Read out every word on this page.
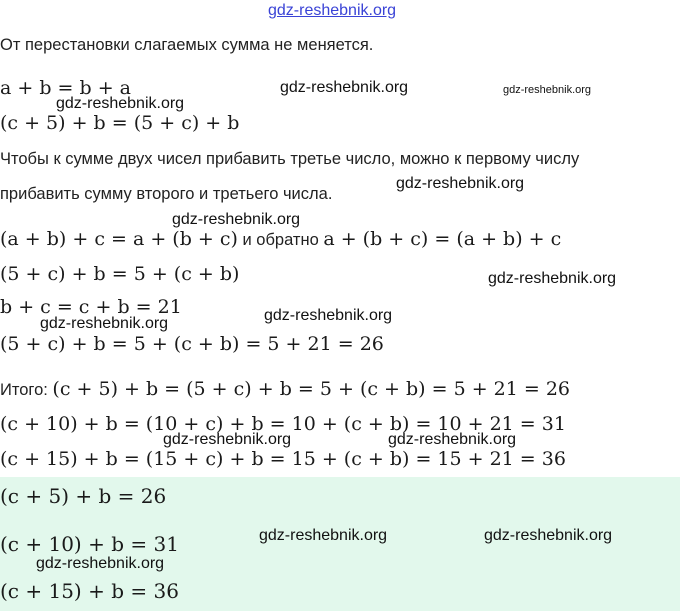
gdz-reshebnik.org
От перестановки слагаемых сумма не меняется.
a + b = b + a	gdz-reshebnik.org	gdz-reshebnik.org
gdz-reshebnik.org
(c + 5) + b = (5 + c) + b
Чтобы к сумме двух чисел прибавить третье число, можно к первому числу
gdz-reshebnik.org
прибавить сумму второго и третьего числа.
gdz-reshebnik.org
(a + b) + c = a + (b + c) и обратно a + (b + c) = (a + b) + c
(5 + c) + b = 5 + (c + b)	gdz-reshebnik.org
b + c = c + b = 21	gdz-reshebnik.org
gdz-reshebnik.org
(5 + c) + b = 5 + (c + b) = 5 + 21 = 26
Итого: (c + 5) + b = (5 + c) + b = 5 + (c + b) = 5 + 21 = 26
(c + 10) + b = (10 + c) + b = 10 + (c + b) = 10 + 21 = 31
gdz-reshebnik.org	gdz-reshebnik.org
(c + 15) + b = (15 + c) + b = 15 + (c + b) = 15 + 21 = 36
(c + 5) + b = 26
gdz-reshebnik.org	gdz-reshebnik.org
(c + 10) + b = 31
gdz-reshebnik.org
(c + 15) + b = 36
